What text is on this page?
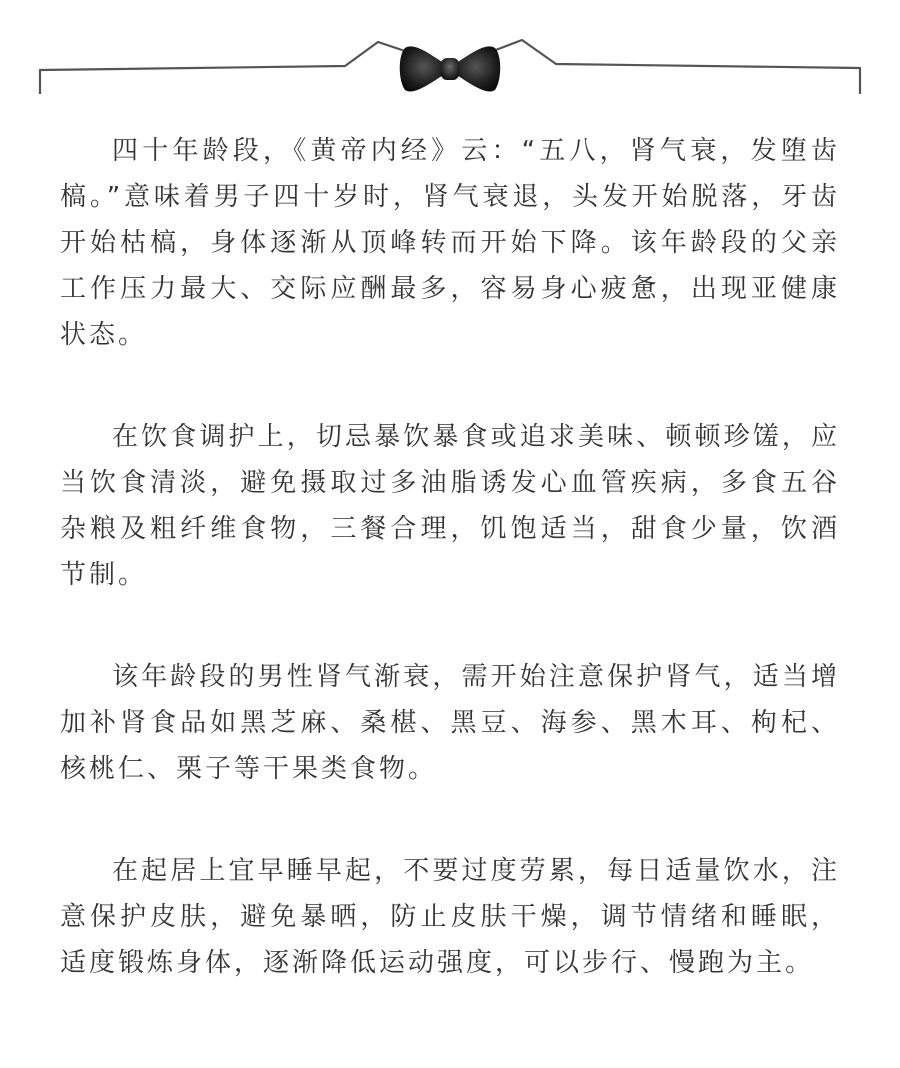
四十年龄段，《黄帝内经》云：“五八，肾气衰，发堕齿槁。”意味着男子四十岁时，肾气衰退，头发开始脱落，牙齿开始枯槁，身体逐渐从顶峰转而开始下降。该年龄段的父亲工作压力最大、交际应酬最多，容易身心疲惫，出现亚健康状态。

在饮食调护上，切忌暴饮暴食或追求美味、顿顿珍馐，应当饮食清淡，避免摄取过多油脂诱发心血管疾病，多食五谷杂粮及粗纤维食物，三餐合理，饥饱适当，甜食少量，饮酒节制。

该年龄段的男性肾气渐衰，需开始注意保护肾气，适当增加补肾食品如黑芝麻、桑椹、黑豆、海参、黑木耳、枸杞、核桃仁、栗子等干果类食物。

在起居上宜早睡早起，不要过度劳累，每日适量饮水，注意保护皮肤，避免暴晒，防止皮肤干燥，调节情绪和睡眠，适度锻炼身体，逐渐降低运动强度，可以步行、慢跑为主。
